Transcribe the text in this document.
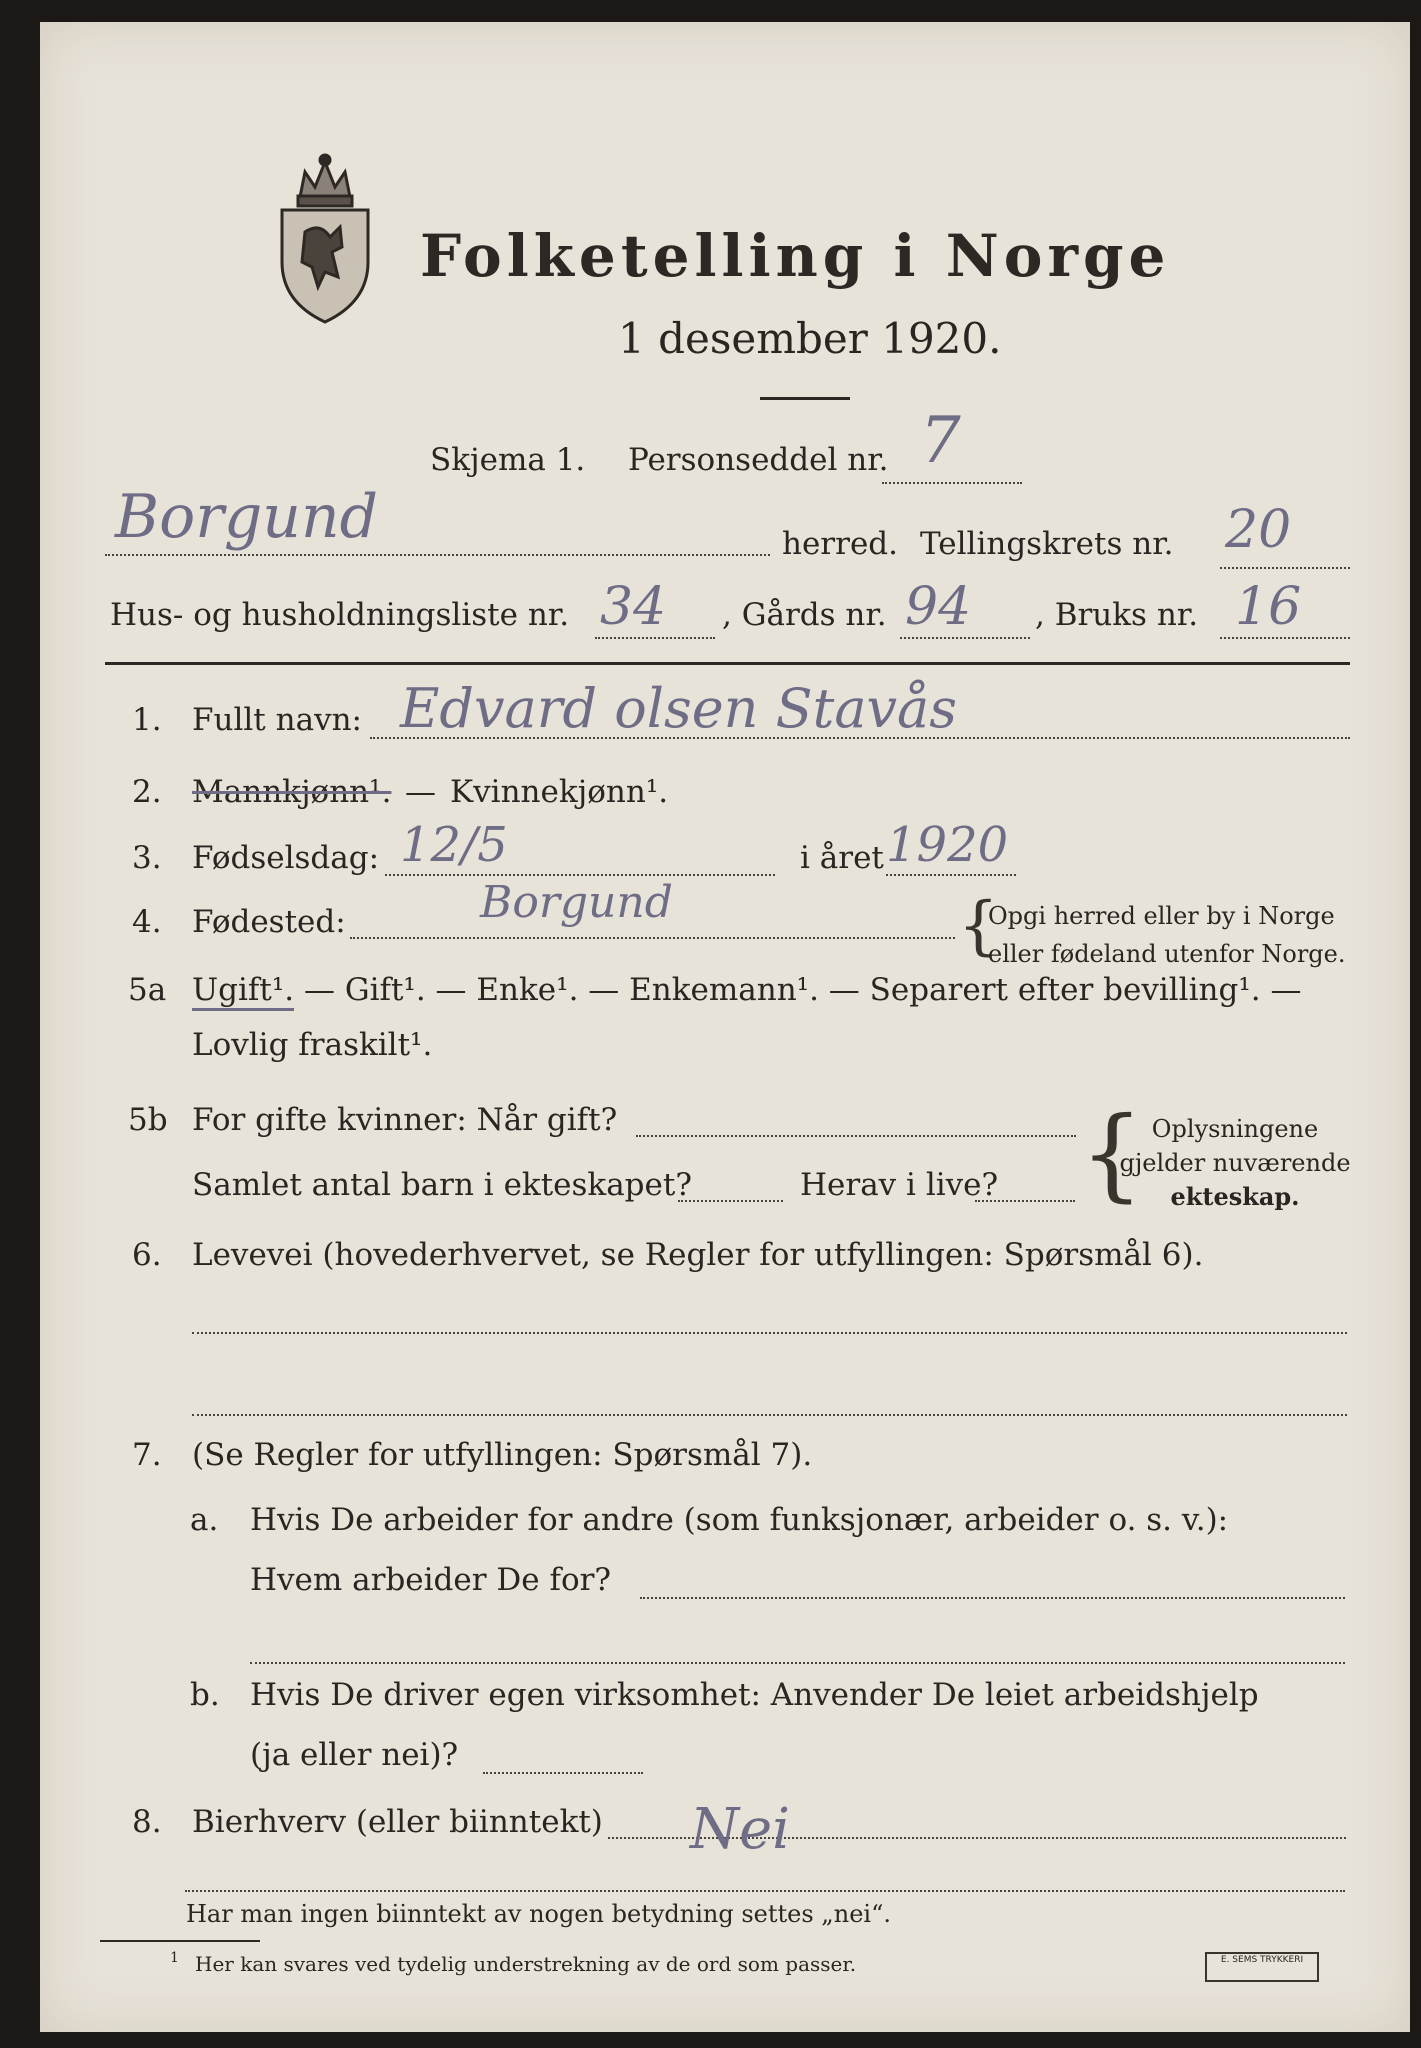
Folketelling i Norge
1 desember 1920.
Skjema 1. Personseddel nr. 7
Borgund	herred. Tellingskrets nr. 20
Hus- og husholdningsliste nr. 34 , Gårds nr. 94 , Bruks nr. 16
1. Fullt navn: Edvard olsen Stavås
2. Mannkjønn¹. — Kvinnekjønn¹.
3. Fødselsdag: 12/5	i året 1920
4. Fødested:	Borgund	{
Opgi herred eller by i Norge
eller fødeland utenfor Norge.
5a Ugift¹. — Gift¹. — Enke¹. — Enkemann¹. — Separert efter bevilling¹. —
Lovlig fraskilt¹.
5b For gifte kvinner: Når gift?
Samlet antal barn i ekteskapet?	Herav i live? { Oplysningene
gjelder nuværende
ekteskap.
6. Levevei (hovederhvervet, se Regler for utfyllingen: Spørsmål 6).
7. (Se Regler for utfyllingen: Spørsmål 7).
a. Hvis De arbeider for andre (som funksjonær, arbeider o. s. v.):
Hvem arbeider De for?
b. Hvis De driver egen virksomhet: Anvender De leiet arbeidshjelp
(ja eller nei)?
8. Bierhverv (eller biinntekt) Nei
Har man ingen biinntekt av nogen betydning settes „nei“.
1 Her kan svares ved tydelig understrekning av de ord som passer.	E. SEMS TRYKKERI
